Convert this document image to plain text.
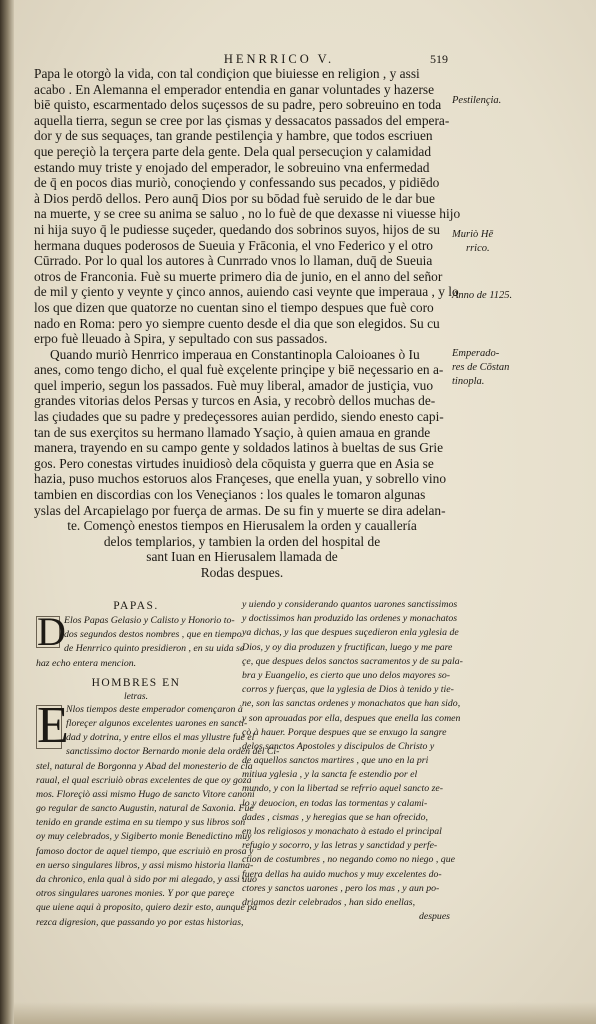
HENRRICO V.	519
Papa le otorgò la vida, con tal condiçion que biuiesse en religion , y assi
acabo . En Alemanna el emperador entendia en ganar voluntades y hazerse
biē quisto, escarmentado delos suçessos de su padre, pero sobreuino en toda
aquella tierra, segun se cree por las çismas y dessacatos passados del empera-
dor y de sus sequaçes, tan grande pestilençia y hambre, que todos escriuen
que pereçiò la terçera parte dela gente. Dela qual persecuçion y calamidad
estando muy triste y enojado del emperador, le sobreuino vna enfermedad
de q̄ en pocos dias muriò, conoçiendo y confessando sus pecados, y pidiēdo
à Dios perdō dellos. Pero aunq̄ Dios por su bōdad fuè seruido de le dar bue
na muerte, y se cree su anima se saluo , no lo fuè de que dexasse ni viuesse hijo
ni hija suyo q̄ le pudiesse suçeder, quedando dos sobrinos suyos, hijos de su
hermana duques poderosos de Sueuia y Frāconia, el vno Federico y el otro
Cūrrado. Por lo qual los autores à Cunrrado vnos lo llaman, duq̄ de Sueuia
otros de Franconia. Fuè su muerte primero dia de junio, en el anno del señor
de mil y çiento y veynte y çinco annos, auiendo casi veynte que imperaua , y lo
los que dizen que quatorze no cuentan sino el tiempo despues que fuè coro
nado en Roma: pero yo siempre cuento desde el dia que son elegidos. Su cu
erpo fuè lleuado à Spira, y sepultado con sus passados.
Quando muriò Henrrico imperaua en Constantinopla Caloioanes ò Iu
anes, como tengo dicho, el qual fuè exçelente prinçipe y biē neçessario en a-
quel imperio, segun los passados. Fuè muy liberal, amador de justiçia, vuo
grandes vitorias delos Persas y turcos en Asia, y recobrò dellos muchas de-
las çiudades que su padre y predeçessores auian perdido, siendo enesto capi-
tan de sus exerçitos su hermano llamado Ysaçio, à quien amaua en grande
manera, trayendo en su campo gente y soldados latinos à bueltas de sus Grie
gos. Pero conestas virtudes inuidiosò dela cōquista y guerra que en Asia se
hazia, puso muchos estoruos alos Françeses, que enella yuan, y sobrello vino
tambien en discordias con los Veneçianos : los quales le tomaron algunas
yslas del Arcapielago por fuerça de armas. De su fin y muerte se dira adelan-
te. Començò enestos tiempos en Hierusalem la orden y cauallería
delos templarios, y tambien la orden del hospital de
sant Iuan en Hierusalem llamada de
Rodas despues.
Pestilençia.
Muriò Hē
rrico.
Anno de 1125.
Emperado-
res de Cōstan
tinopla.
PAPAS.
D
Elos Papas Gelasio y Calisto y Honorio to-
dos segundos destos nombres , que en tiempo
de Henrrico quinto presidieron , en su uida se
haz echo entera mencion.
HOMBRES EN
letras.
E
Nlos tiempos deste emperador començaron à
floreçer algunos excelentes uarones en sancti-
dad y dotrina, y entre ellos el mas yllustre fuè el
sanctissimo doctor Bernardo monie dela orden del Ci-
stel, natural de Borgonna y Abad del monesterio de cla
raual, el qual escriuiò obras excelentes de que oy goza
mos. Floreçiò assi mismo Hugo de sancto Vitore canoni
go regular de sancto Augustin, natural de Saxonia. Fuè
tenido en grande estima en su tiempo y sus libros son
oy muy celebrados, y Sigiberto monie Benedictino muy
famoso doctor de aquel tiempo, que escriuiò en prosa y
en uerso singulares libros, y assi mismo historia llama-
da chronico, enla qual à sido por mi alegado, y assi uuo
otros singulares uarones monies. Y por que pareçe
que uiene aqui à proposito, quiero dezir esto, aunque pa
rezca digresion, que passando yo por estas historias,
y uiendo y considerando quantos uarones sanctissimos
y doctissimos han produzido las ordenes y monachatos
ya dichas, y las que despues suçedieron enla yglesia de
Dios, y oy dia produzen y fructifican, luego y me pare
çe, que despues delos sanctos sacramentos y de su pala-
bra y Euangelio, es cierto que uno delos mayores so-
corros y fuerças, que la yglesia de Dios à tenido y tie-
ne, son las sanctas ordenes y monachatos que han sido,
y son aprouadas por ella, despues que enella las comen
çò à hauer. Porque despues que se enxugo la sangre
delos sanctos Apostoles y discipulos de Christo y
de aquellos sanctos martires , que uno en la pri
mitiua yglesia , y la sancta fe estendio por el
mundo, y con la libertad se refrrio aquel sancto ze-
lo y deuocion, en todas las tormentas y calami-
dades , cismas , y heregias que se han ofrecido,
en los religiosos y monachato à estado el principal
refugio y socorro, y las letras y sanctidad y perfe-
ction de costumbres , no negando como no niego , que
fuera dellas ha auido muchos y muy excelentes do-
ctores y sanctos uarones , pero los mas , y aun po-
driamos dezir celebrados , han sido enellas,
despues
